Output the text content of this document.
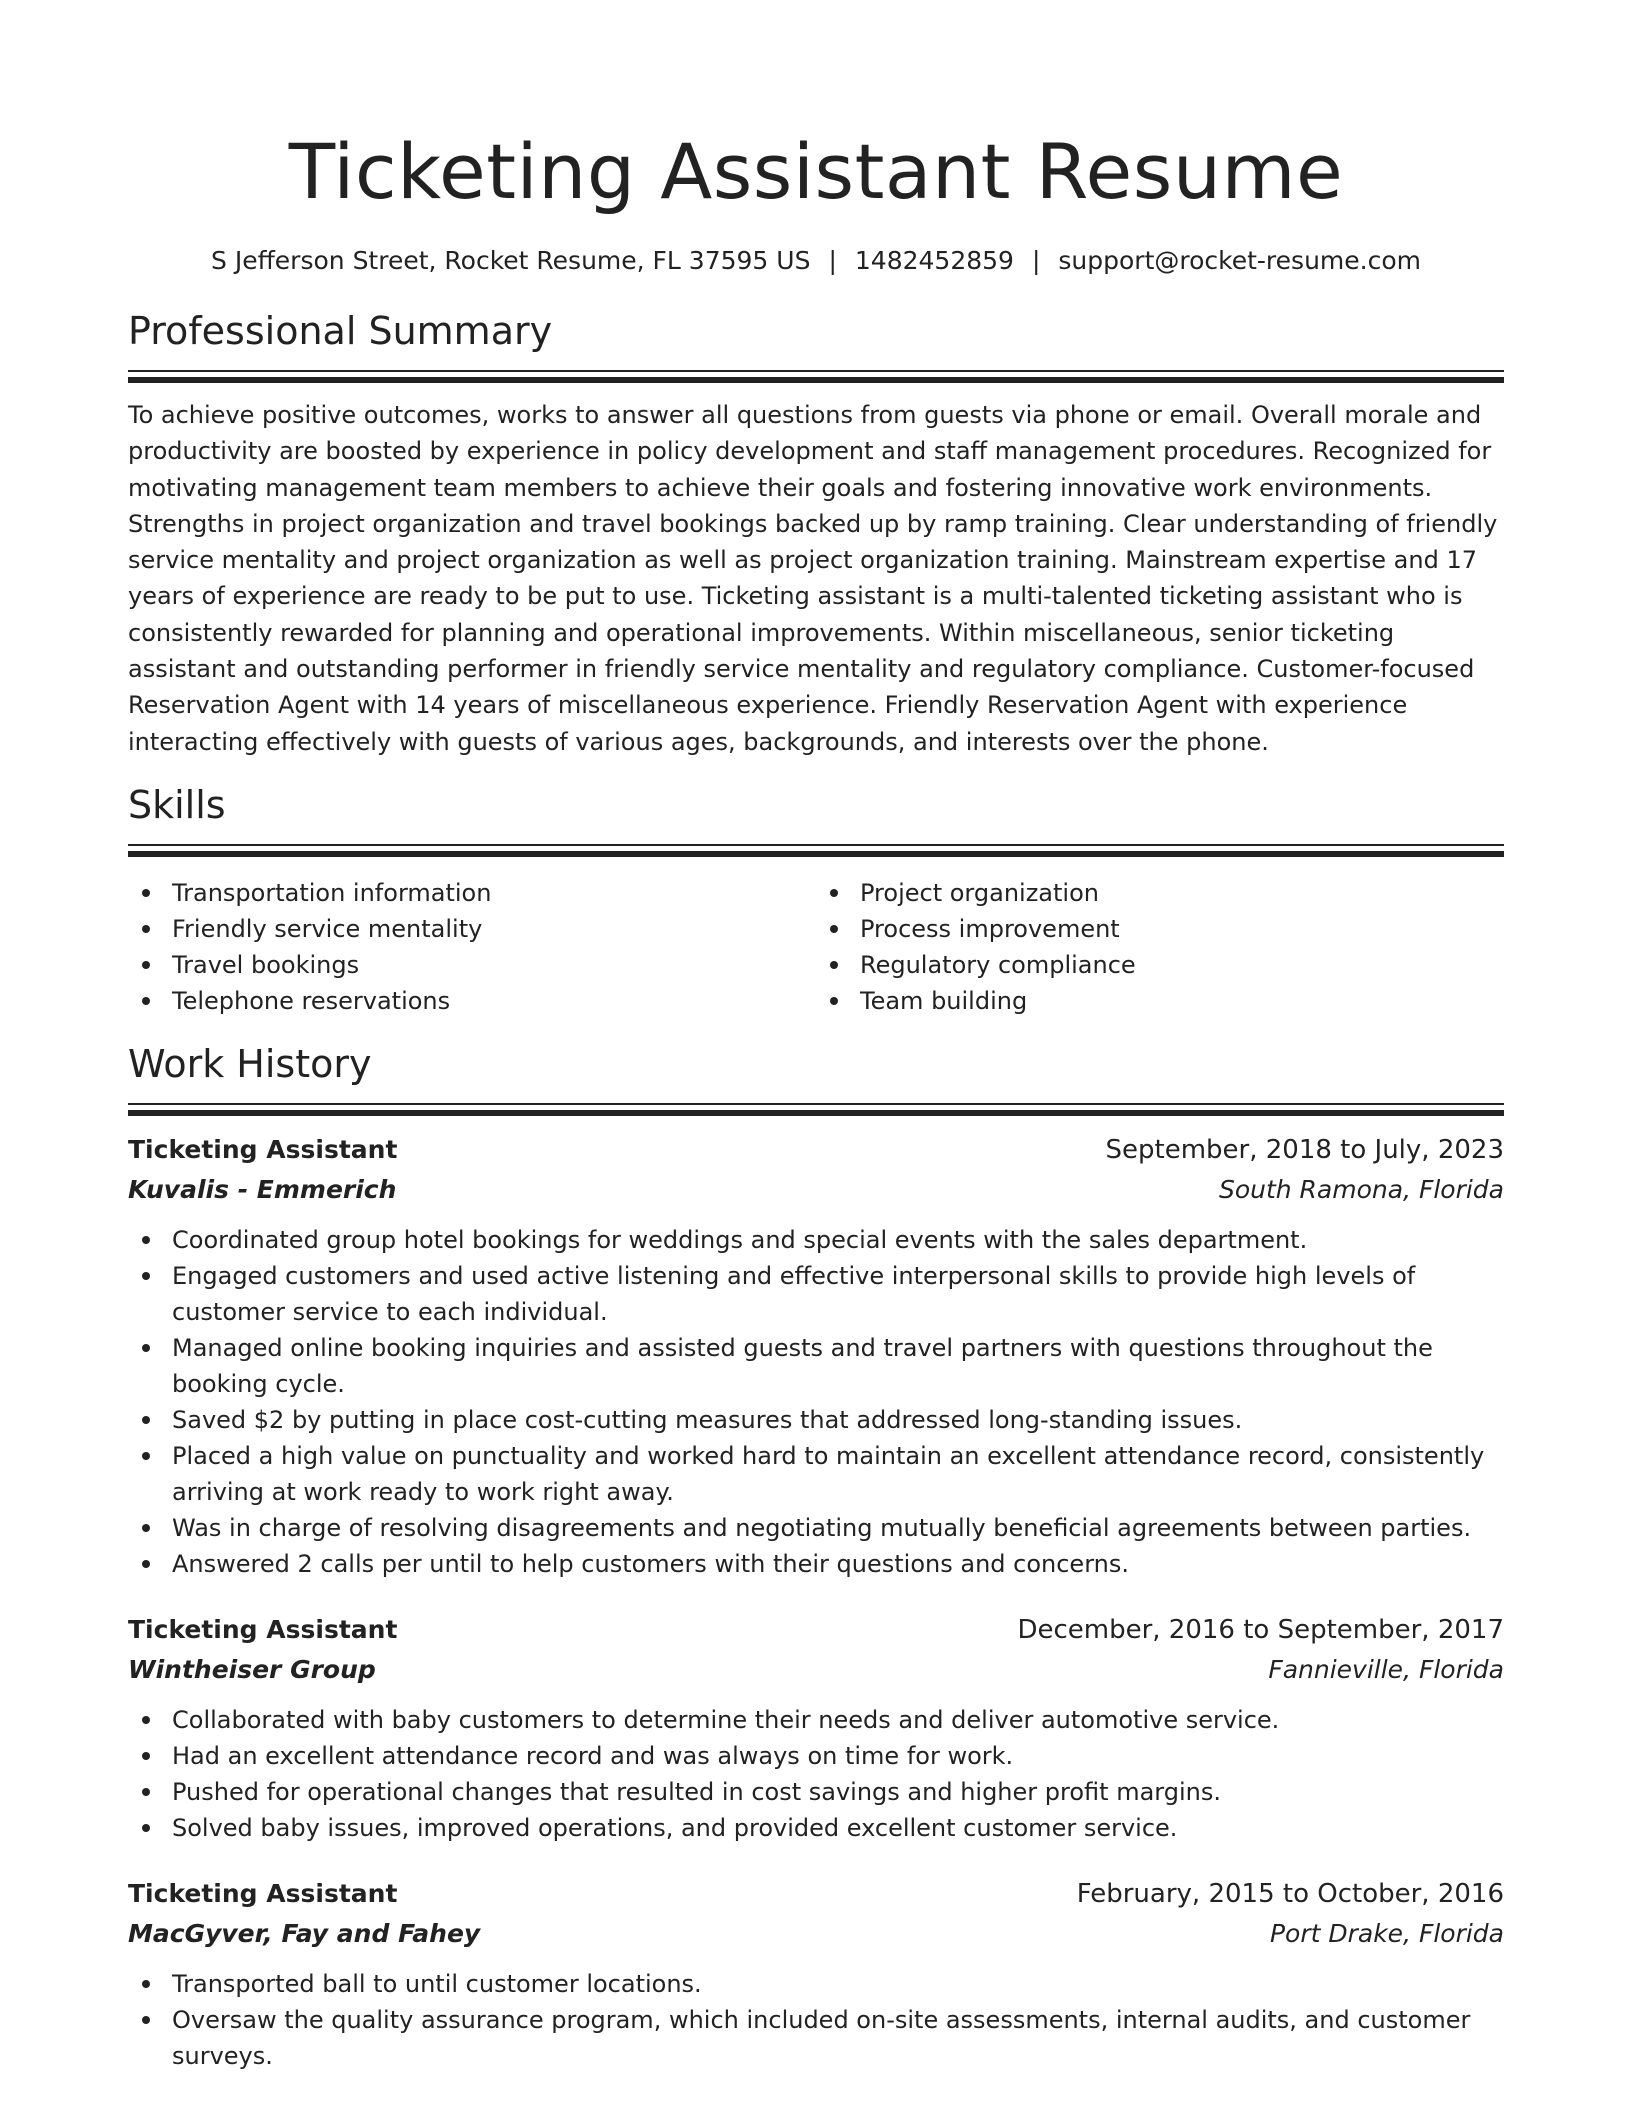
Ticketing Assistant Resume
S Jefferson Street, Rocket Resume, FL 37595 US | 1482452859 | support@rocket-resume.com
Professional Summary

To achieve positive outcomes, works to answer all questions from guests via phone or email. Overall morale and productivity are boosted by experience in policy development and staff management procedures. Recognized for motivating management team members to achieve their goals and fostering innovative work environments. Strengths in project organization and travel bookings backed up by ramp training. Clear understanding of friendly service mentality and project organization as well as project organization training. Mainstream expertise and 17 years of experience are ready to be put to use. Ticketing assistant is a multi-talented ticketing assistant who is consistently rewarded for planning and operational improvements. Within miscellaneous, senior ticketing assistant and outstanding performer in friendly service mentality and regulatory compliance. Customer-focused Reservation Agent with 14 years of miscellaneous experience. Friendly Reservation Agent with experience interacting effectively with guests of various ages, backgrounds, and interests over the phone.

Skills
Transportation information
Friendly service mentality
Travel bookings
Telephone reservations
Project organization
Process improvement
Regulatory compliance
Team building
Work History
Ticketing Assistant	September, 2018 to July, 2023
Kuvalis - Emmerich	South Ramona, Florida
Coordinated group hotel bookings for weddings and special events with the sales department.
Engaged customers and used active listening and effective interpersonal skills to provide high levels of customer service to each individual.
Managed online booking inquiries and assisted guests and travel partners with questions throughout the booking cycle.
Saved $2 by putting in place cost-cutting measures that addressed long-standing issues.
Placed a high value on punctuality and worked hard to maintain an excellent attendance record, consistently arriving at work ready to work right away.
Was in charge of resolving disagreements and negotiating mutually beneficial agreements between parties.
Answered 2 calls per until to help customers with their questions and concerns.
Ticketing Assistant	December, 2016 to September, 2017
Wintheiser Group	Fannieville, Florida
Collaborated with baby customers to determine their needs and deliver automotive service.
Had an excellent attendance record and was always on time for work.
Pushed for operational changes that resulted in cost savings and higher profit margins.
Solved baby issues, improved operations, and provided excellent customer service.
Ticketing Assistant	February, 2015 to October, 2016
MacGyver, Fay and Fahey	Port Drake, Florida
Transported ball to until customer locations.
Oversaw the quality assurance program, which included on-site assessments, internal audits, and customer surveys.
